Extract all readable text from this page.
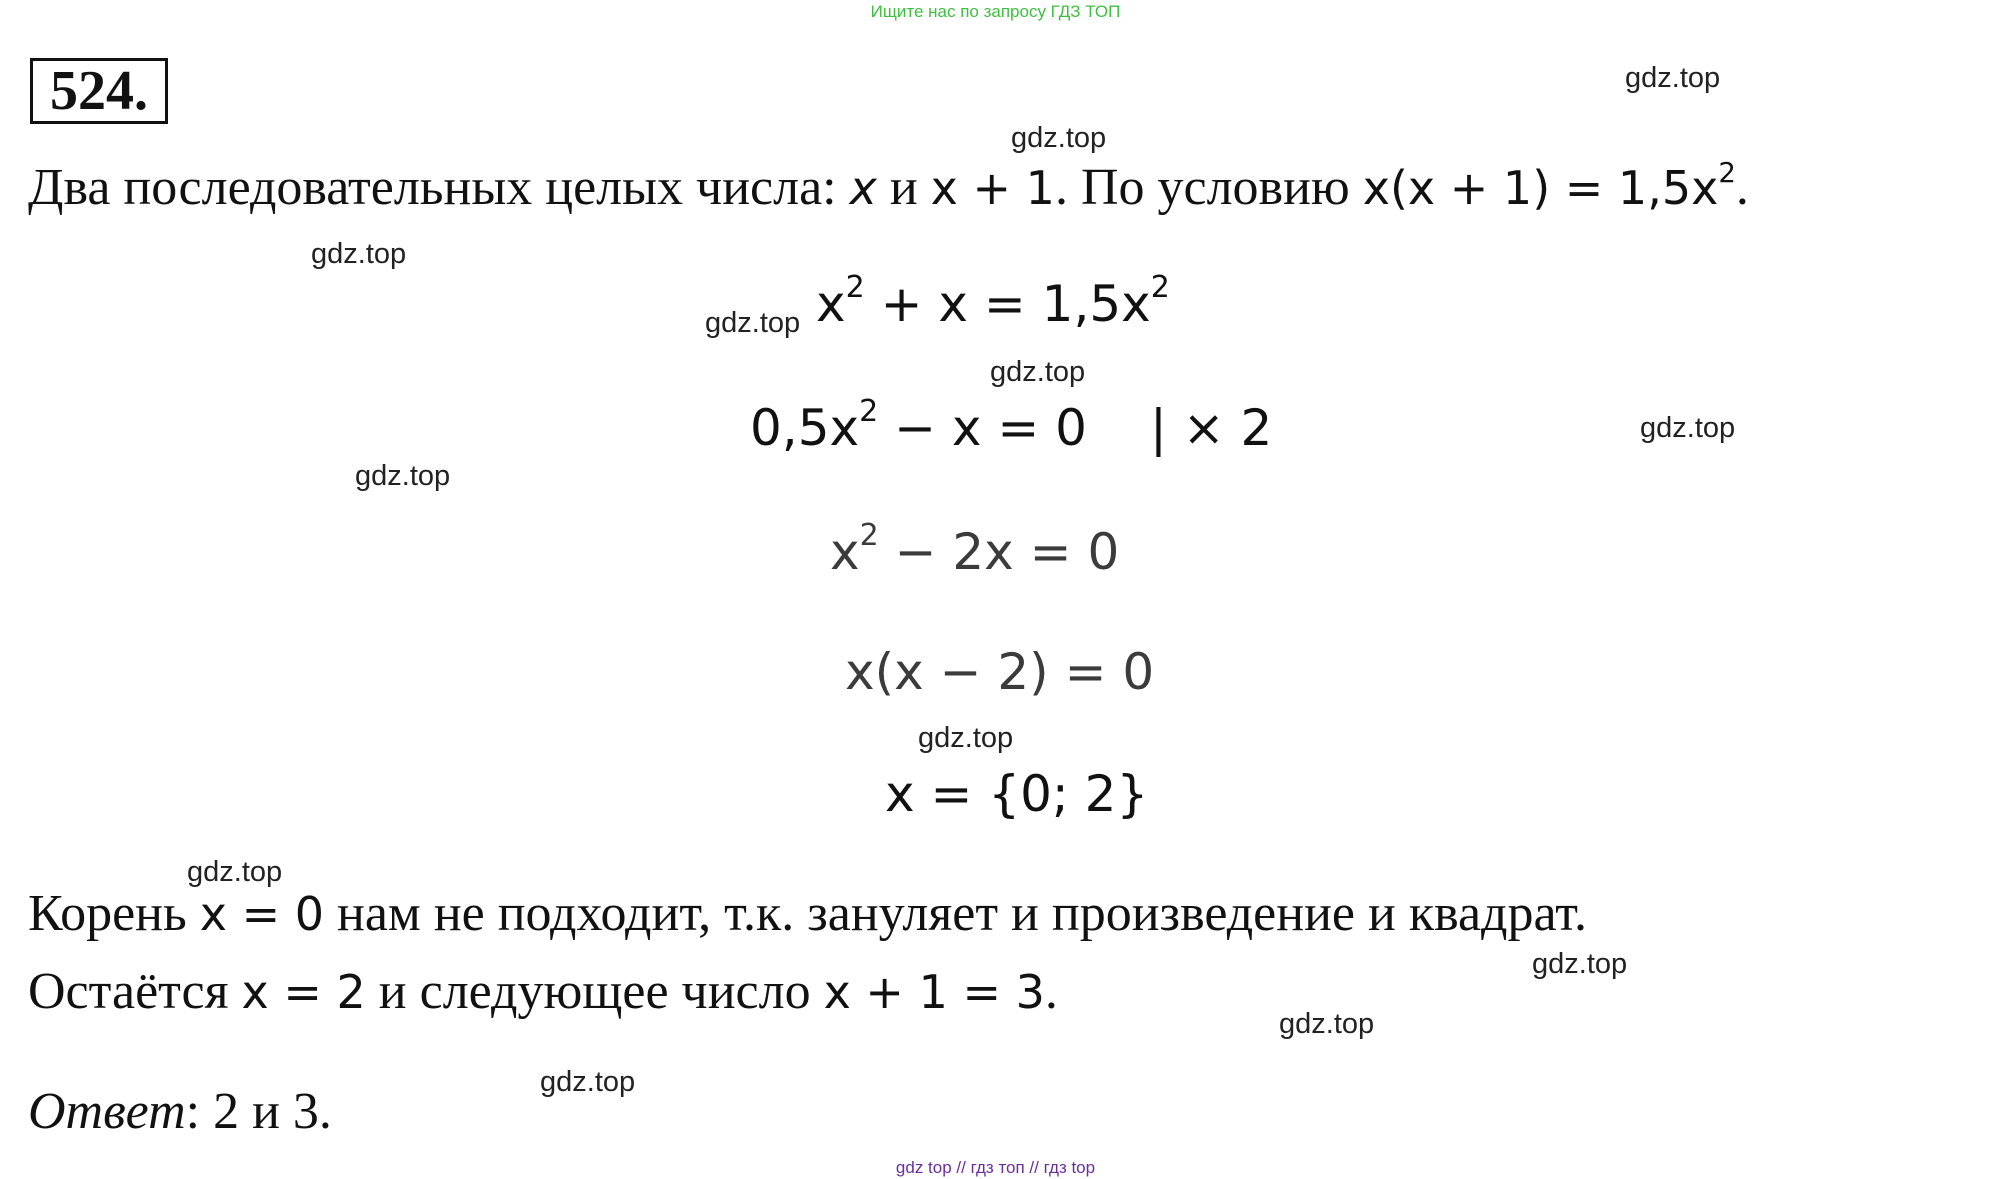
Ищите нас по запросу ГДЗ ТОП
524.
Два последовательных целых числа: x и x + 1. По условию $x(x + 1) = 1,5x^2$.
$x^2 + x = 1,5x^2$
$0,5x^2 - x = 0$ | × 2
$x^2 - 2x = 0$
x(x − 2) = 0
x = {0; 2}
Корень x = 0 нам не подходит, т.к. зануляет и произведение и квадрат.
Остаётся x = 2 и следующее число x + 1 = 3.
Ответ: 2 и 3.
gdz.top
gdz.top
gdz.top
gdz.top
gdz.top
gdz.top
gdz.top
gdz.top
gdz.top
gdz.top
gdz.top
gdz.top
gdz top // гдз топ // гдз top
